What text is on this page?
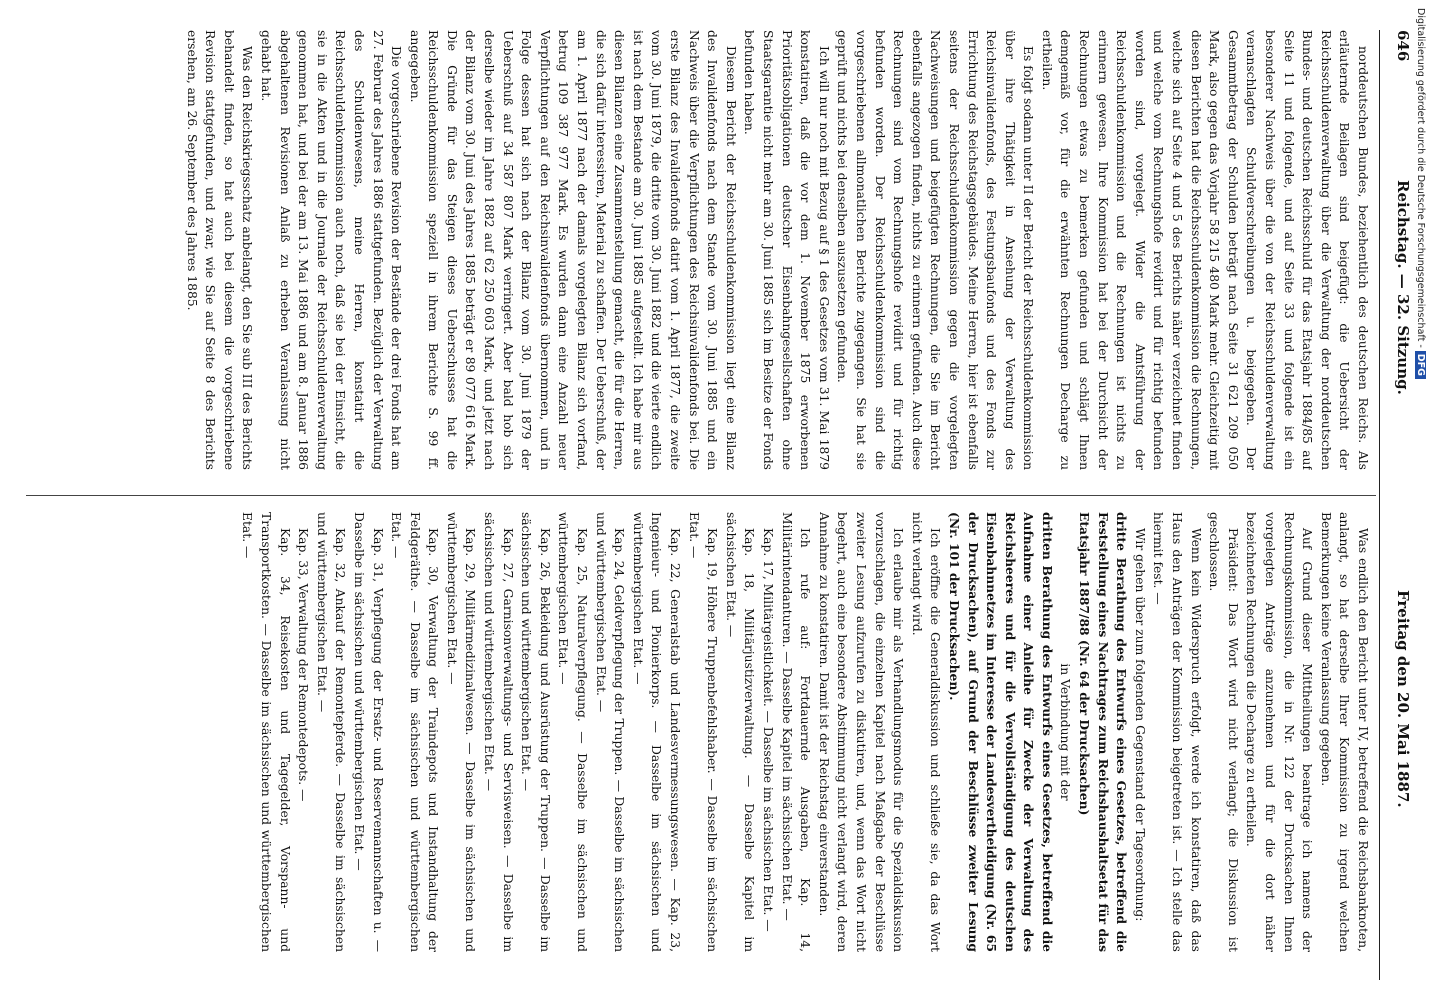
646
Reichstag. — 32. Sitzung.
Freitag den 20. Mai 1887.

norddeutschen Bundes, beziehentlich des deutschen Reichs. Als erläuternde Beilagen sind beigefügt: die Uebersicht der Reichsschuldenverwaltung über die Verwaltung der norddeutschen Bundes- und deutschen Reichsschuld für das Etatsjahr 1884/85 auf Seite 11 und folgende, und auf Seite 33 und folgende ist ein besonderer Nachweis über die von der Reichsschuldenverwaltung veranschlagten Schuldverschreibungen u. beigegeben. Der Gesammtbetrag der Schulden beträgt nach Seite 31 621 209 050 Mark, also gegen das Vorjahr 58 215 480 Mark mehr. Gleichzeitig mit diesen Berichten hat die Reichsschuldenkommission die Rechnungen, welche sich auf Seite 4 und 5 des Berichts näher verzeichnet finden und welche vom Rechnungshofe revidirt und für richtig befunden worden sind, vorgelegt. Wider die Amtsführung der Reichsschuldenkommission und die Rechnungen ist nichts zu erinnern gewesen. Ihre Kommission hat bei der Durchsicht der Rechnungen etwas zu bemerken gefunden und schlägt Ihnen demgemäß vor, für die erwähnten Rechnungen Decharge zu ertheilen.

Es folgt sodann unter II der Bericht der Reichsschuldenkommission über ihre Thätigkeit in Ansehung der Verwaltung des Reichsinvalidenfonds, des Festungsbaufonds und des Fonds zur Errichtung des Reichstagsgebäudes. Meine Herren, hier ist ebenfalls seitens der Reichsschuldenkommission gegen die vorgelegten Nachweisungen und beigefügten Rechnungen, die Sie im Bericht ebenfalls angezogen finden, nichts zu erinnern gefunden. Auch diese Rechnungen sind vom Rechnungshofe revidirt und für richtig befunden worden. Der Reichsschuldenkommission sind die vorgeschriebenen allmonatlichen Berichte zugegangen. Sie hat sie geprüft und nichts bei denselben auszusetzen gefunden.

Ich will nur noch mit Bezug auf § 1 des Gesetzes vom 31. Mai 1879 konstatiren, daß die vor dem 1. November 1875 erworbenen Prioritätsobligationen deutscher Eisenbahngesellschaften ohne Staatsgarantie nicht mehr am 30. Juni 1885 sich im Besitze der Fonds befunden haben.

Diesem Bericht der Reichsschuldenkommission liegt eine Bilanz des Invalidenfonds nach dem Stande vom 30. Juni 1885 und ein Nachweis über die Verpflichtungen des Reichsinvalidenfonds bei. Die erste Bilanz des Invalidenfonds datirt vom 1. April 1877, die zweite vom 30. Juni 1879, die dritte vom 30. Juni 1882 und die vierte endlich ist nach dem Bestande am 30. Juni 1885 aufgestellt. Ich habe mir aus diesen Bilanzen eine Zusammenstellung gemacht, die für die Herren, die sich dafür interessiren, Material zu schaffen. Der Ueberschuß, der am 1. April 1877 nach der damals vorgelegten Bilanz sich vorfand, betrug 109 387 977 Mark. Es wurden dann eine Anzahl neuer Verpflichtungen auf den Reichsinvalidenfonds übernommen, und in Folge dessen hat sich nach der Bilanz vom 30. Juni 1879 der Ueberschuß auf 34 587 807 Mark verringert. Aber bald hob sich derselbe wieder im Jahre 1882 auf 62 250 603 Mark, und jetzt nach der Bilanz vom 30. Juni des Jahres 1885 beträgt er 89 077 616 Mark. Die Gründe für das Steigen dieses Ueberschusses hat die Reichsschuldenkommission speziell in ihrem Berichte S. 99 ff. angegeben.

Die vorgeschriebene Revision der Bestände der drei Fonds hat am 27. Februar des Jahres 1886 stattgefunden. Bezüglich der Verwaltung des Schuldenwesens, meine Herren, konstatirt die Reichsschuldenkommission auch noch, daß sie bei der Einsicht, die sie in die Akten und in die Journale der Reichsschuldenverwaltung genommen hat, und bei der am 13. Mai 1886 und am 8. Januar 1886 abgehaltenen Revisionen Anlaß zu erheben Veranlassung nicht gehabt hat.

Was den Reichskriegsschatz anbelangt, den Sie sub III des Berichts behandelt finden, so hat auch bei diesem die vorgeschriebene Revision stattgefunden, und zwar, wie Sie auf Seite 8 des Berichts ersehen, am 26. September des Jahres 1885.

Was endlich den Bericht unter IV, betreffend die Reichsbanknoten, anlangt, so hat derselbe Ihrer Kommission zu irgend welchen Bemerkungen keine Veranlassung gegeben.

Auf Grund dieser Mittheilungen beantrage ich namens der Rechnungskommission, die in Nr. 122 der Drucksachen Ihnen vorgelegten Anträge anzunehmen und für die dort näher bezeichneten Rechnungen die Decharge zu ertheilen.

Präsident: Das Wort wird nicht verlangt; die Diskussion ist geschlossen.

Wenn kein Widerspruch erfolgt, werde ich konstatiren, daß das Haus den Anträgen der Kommission beigetreten ist. — Ich stelle das hiermit fest. —

Wir gehen über zum folgenden Gegenstand der Tagesordnung:

dritte Berathung des Entwurfs eines Gesetzes, betreffend die Feststellung eines Nachtrages zum Reichshaushaltsetat für das Etatsjahr 1887/88 (Nr. 64 der Drucksachen)

in Verbindung mit der

dritten Berathung des Entwurfs eines Gesetzes, betreffend die Aufnahme einer Anleihe für Zwecke der Verwaltung des Reichsheeres und für die Vervollständigung des deutschen Eisenbahnnetzes im Interesse der Landesvertheidigung (Nr. 65 der Drucksachen), auf Grund der Beschlüsse zweiter Lesung (Nr. 101 der Drucksachen).

Ich eröffne die Generaldiskussion und schließe sie, da das Wort nicht verlangt wird.

Ich erlaube mir als Verhandlungsmodus für die Spezialdiskussion vorzuschlagen, die einzelnen Kapitel nach Maßgabe der Beschlüsse zweiter Lesung aufzurufen zu diskutiren, und, wenn das Wort nicht begehrt, auch eine besondere Abstimmung nicht verlangt wird, deren Annahme zu konstatiren. Damit ist der Reichstag einverstanden.

Ich rufe auf: Fortdauernde Ausgaben, Kap. 14, Militärintendanturen. — Dasselbe Kapitel im sächsischen Etat. —

Kap. 17, Militärgeistlichkeit. — Dasselbe im sächsischen Etat. —

Kap. 18, Militärjustizverwaltung. — Dasselbe Kapitel im sächsischen Etat. —

Kap. 19, Höhere Truppenbefehlshaber. — Dasselbe im sächsischen Etat. —

Kap. 22, Generalstab und Landesvermessungswesen. — Kap. 23, Ingenieur- und Pionierkorps. — Dasselbe im sächsischen und württembergischen Etat. —

Kap. 24, Geldverpflegung der Truppen. — Dasselbe im sächsischen und württembergischen Etat. —

Kap. 25, Naturalverpflegung. — Dasselbe im sächsischen und württembergischen Etat. —

Kap. 26, Bekleidung und Ausrüstung der Truppen. — Dasselbe im sächsischen und württembergischen Etat. —

Kap. 27, Garnisonverwaltungs- und Servisweisen. — Dasselbe im sächsischen und württembergischen Etat. —

Kap. 29, Militärmedizinalwesen. — Dasselbe im sächsischen und württembergischen Etat. —

Kap. 30, Verwaltung der Traindepots und Instandhaltung der Feldgeräthe. — Dasselbe im sächsischen und württembergischen Etat. —

Kap. 31, Verpflegung der Ersatz- und Reservemannschaften u. — Dasselbe im sächsischen und württembergischen Etat. —

Kap. 32, Ankauf der Remontepferde. — Dasselbe im sächsischen und württembergischen Etat. —

Kap. 33, Verwaltung der Remontedepots. —

Kap. 34, Reisekosten und Tagegelder, Vorspann- und Transportkosten. — Dasselbe im sächsischen und württembergischen Etat. —

Digitalisierung gefördert durch die Deutsche Forschungsgemeinschaft -DFG
